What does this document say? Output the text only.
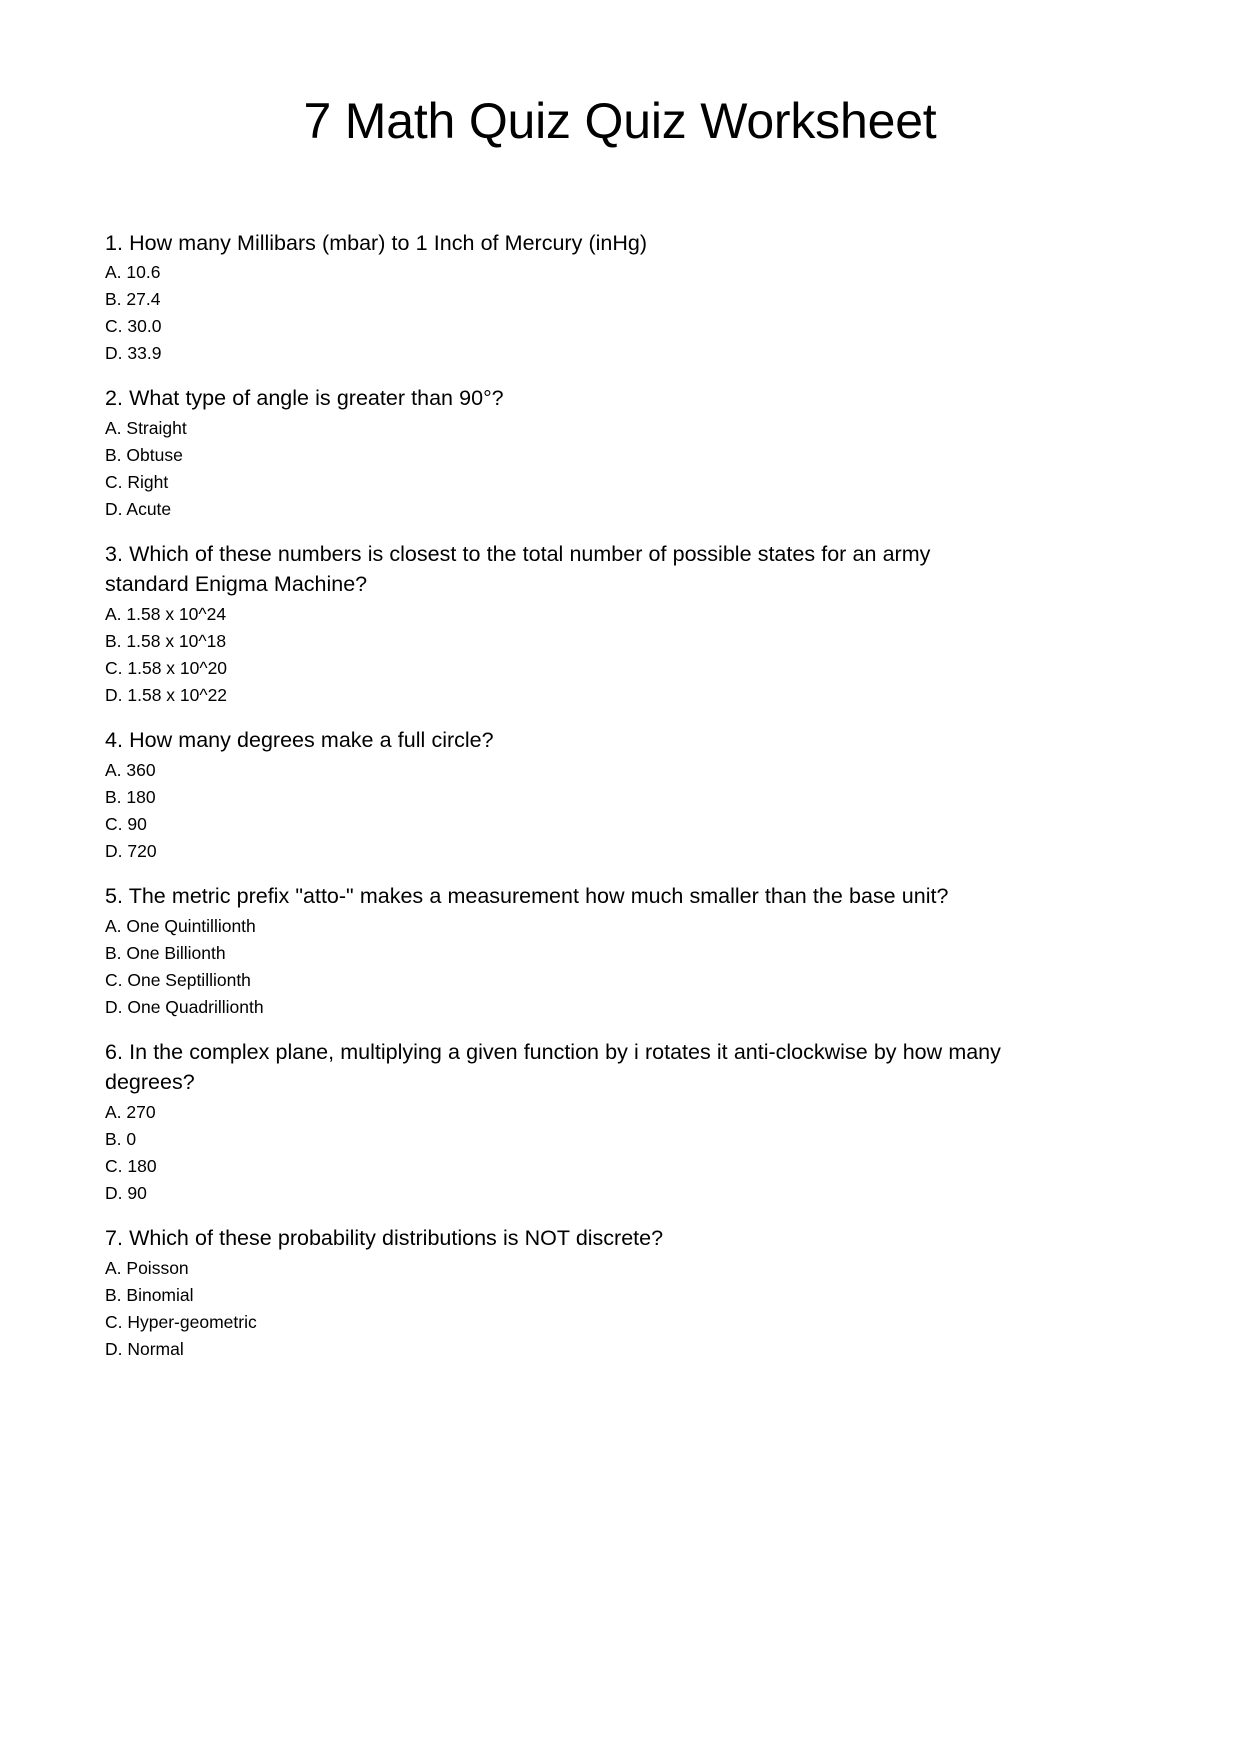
7 Math Quiz Quiz Worksheet

1. How many Millibars (mbar) to 1 Inch of Mercury (inHg)

A. 10.6
B. 27.4
C. 30.0
D. 33.9

2. What type of angle is greater than 90°?

A. Straight
B. Obtuse
C. Right
D. Acute

3. Which of these numbers is closest to the total number of possible states for an army standard Enigma Machine?

A. 1.58 x 10^24
B. 1.58 x 10^18
C. 1.58 x 10^20
D. 1.58 x 10^22

4. How many degrees make a full circle?

A. 360
B. 180
C. 90
D. 720

5. The metric prefix "atto-" makes a measurement how much smaller than the base unit?

A. One Quintillionth
B. One Billionth
C. One Septillionth
D. One Quadrillionth

6. In the complex plane, multiplying a given function by i rotates it anti-clockwise by how many degrees?

A. 270
B. 0
C. 180
D. 90

7. Which of these probability distributions is NOT discrete?

A. Poisson
B. Binomial
C. Hyper-geometric
D. Normal
